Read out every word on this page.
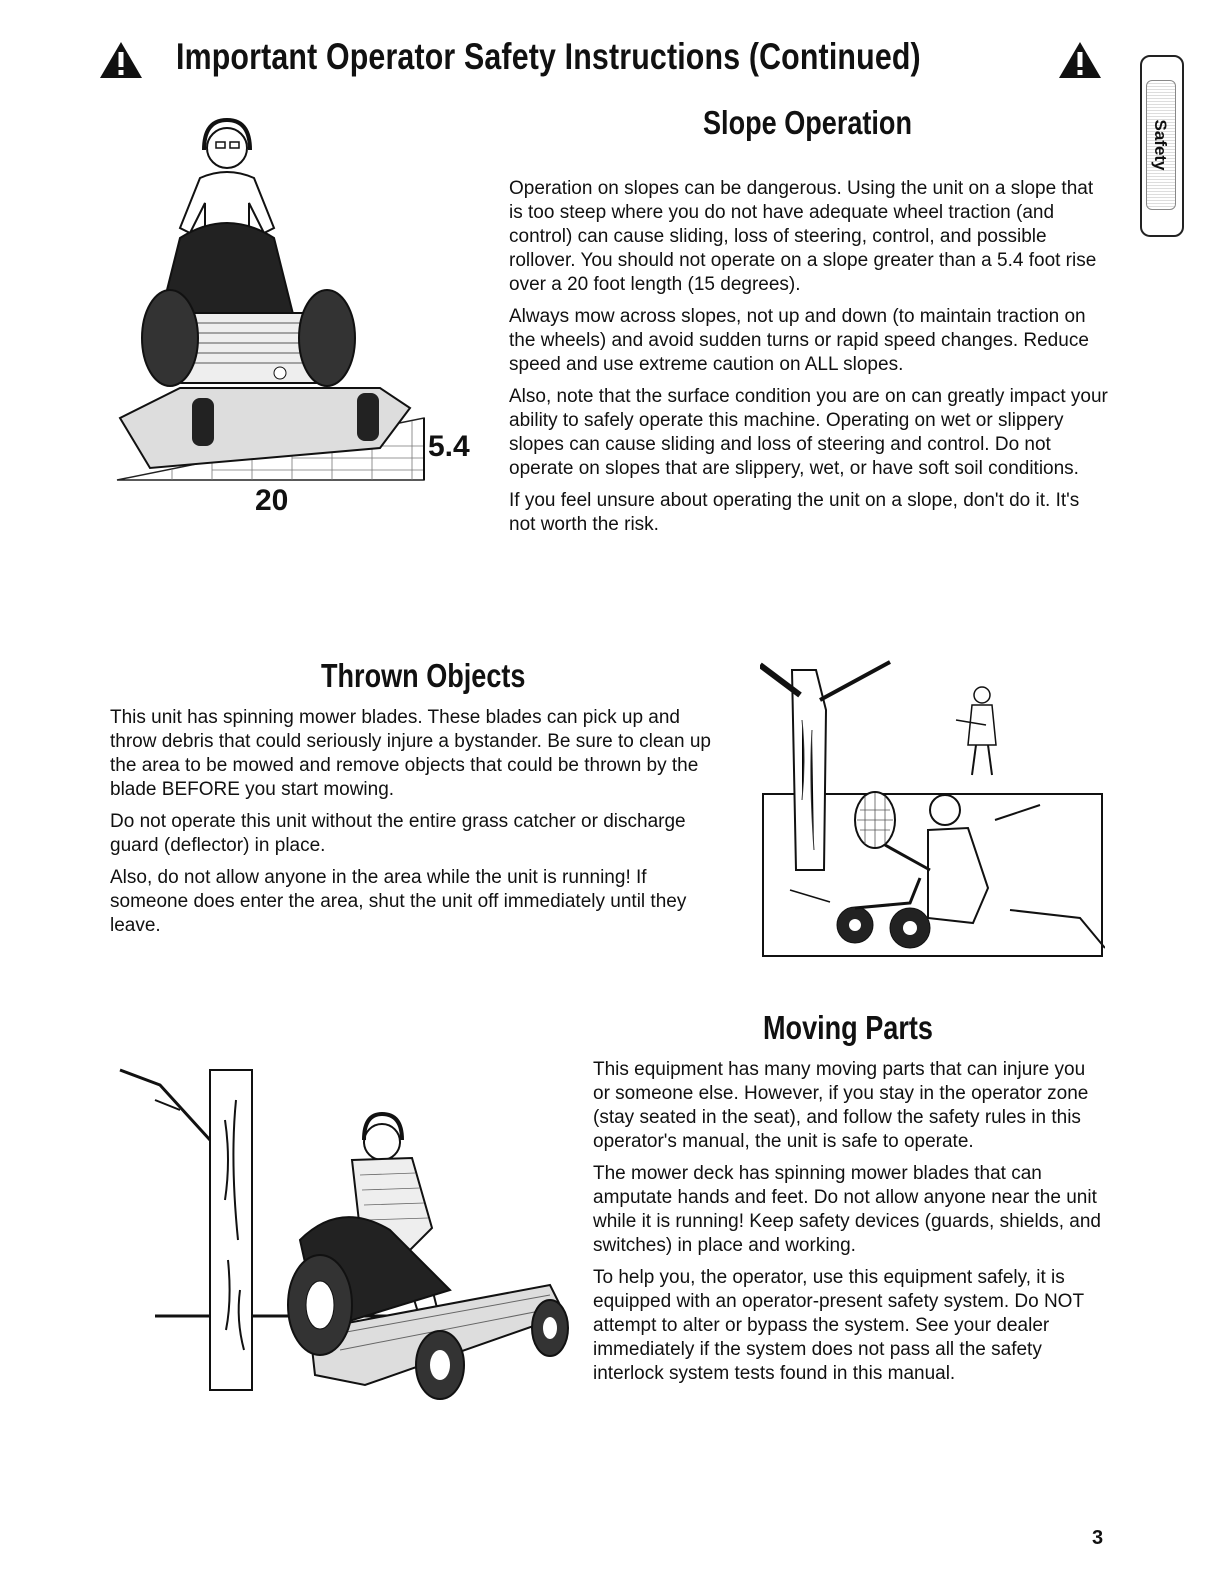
Important Operator Safety Instructions (Continued)
Safety
Slope Operation
5.4
20

Operation on slopes can be dangerous. Using the unit on a slope that is too steep where you do not have adequate wheel traction (and control) can cause sliding, loss of steering, control, and possible rollover. You should not operate on a slope greater than a 5.4 foot rise over a 20 foot length (15 degrees).

Always mow across slopes, not up and down (to maintain traction on the wheels) and avoid sudden turns or rapid speed changes. Reduce speed and use extreme caution on ALL slopes.

Also, note that the surface condition you are on can greatly impact your ability to safely operate this machine. Operating on wet or slippery slopes can cause sliding and loss of steering and control. Do not operate on slopes that are slippery, wet, or have soft soil conditions.

If you feel unsure about operating the unit on a slope, don't do it. It's not worth the risk.

Thrown Objects

This unit has spinning mower blades. These blades can pick up and throw debris that could seriously injure a bystander. Be sure to clean up the area to be mowed and remove objects that could be thrown by the blade BEFORE you start mowing.

Do not operate this unit without the entire grass catcher or discharge guard (deflector) in place.

Also, do not allow anyone in the area while the unit is running! If someone does enter the area, shut the unit off immediately until they leave.

Moving Parts

This equipment has many moving parts that can injure you or someone else. However, if you stay in the operator zone (stay seated in the seat), and follow the safety rules in this operator's manual, the unit is safe to operate.

The mower deck has spinning mower blades that can amputate hands and feet. Do not allow anyone near the unit while it is running! Keep safety devices (guards, shields, and switches) in place and working.

To help you, the operator, use this equipment safely, it is equipped with an operator-present safety system. Do NOT attempt to alter or bypass the system. See your dealer immediately if the system does not pass all the safety interlock system tests found in this manual.

3
